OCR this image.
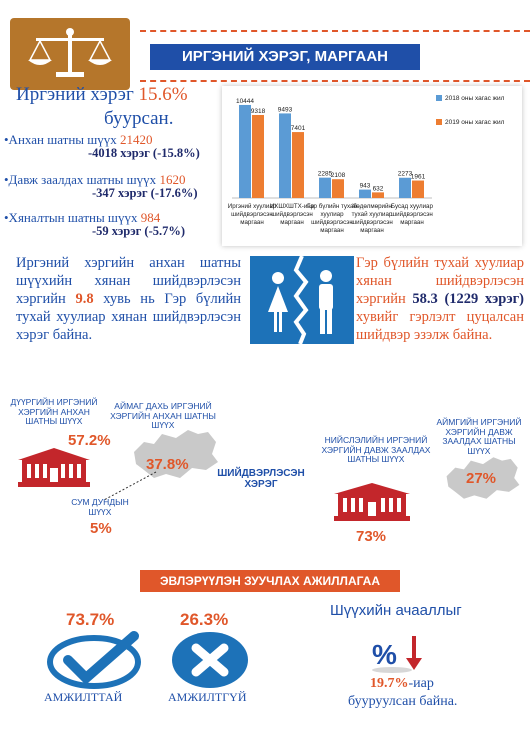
ИРГЭНИЙ ХЭРЭГ, МАРГААН
Иргэний хэрэг 15.6%
буурсан.
•Анхан шатны шүүх 21420
-4018 хэрэг (-15.8%)
•Давж заалдах шатны шүүх 1620
-347 хэрэг (-17.6%)
•Хяналтын шатны шүүх 984
-59 хэрэг (-5.7%)
10444
9318
Иргэний хуулиар
шийдвэрлэсэн
маргаан
9493
7401
ИХШХШТХ-иар
шийдвэрлэсэн
маргаан
2285
2108
Гэр бүлийн тухай
хуулиар
шийдвэрлэсэн
маргаан
943 632
Хөдөлмөрийн
тухай хуулиар
шийдвэрлэсэн
маргаан
2273
1961
Бусад хуулиар
шийдвэрлэсэн
маргаан
2018 оны хагас жил
2019 оны хагас жил
Иргэний хэргийн анхан шатны шүүхийн хянан шийдвэрлэсэн хэргийн 9.8 хувь нь Гэр бүлийн тухай хуулиар хянан шийдвэрлэсэн хэрэг байна.
Гэр бүлийн тухай хуулиар хянан шийдвэрлэсэн хэргийн 58.3 (1229 хэрэг) хувийг гэрлэлт цуцалсан шийдвэр эзэлж байна.
ДҮҮРГИЙН ИРГЭНИЙ ХЭРГИЙН АНХАН ШАТНЫ ШҮҮХ
57.2%
АЙМАГ ДАХЬ ИРГЭНИЙ ХЭРГИЙН АНХАН ШАТНЫ ШҮҮХ
37.8%
СУМ ДУНДЫН ШҮҮХ
5%
ШИЙДВЭРЛЭСЭН ХЭРЭГ
НИЙСЛЭЛИЙН ИРГЭНИЙ ХЭРГИЙН ДАВЖ ЗААЛДАХ ШАТНЫ ШҮҮХ
73%
АЙМГИЙН ИРГЭНИЙ ХЭРГИЙН ДАВЖ ЗААЛДАХ ШАТНЫ ШҮҮХ
27%
ЭВЛЭРҮҮЛЭН ЗУУЧЛАХ АЖИЛЛАГАА
73.7%
АМЖИЛТТАЙ
26.3%
АМЖИЛТГҮЙ
Шүүхийн ачааллыг
%
19.7%-иар
бууруулсан байна.
